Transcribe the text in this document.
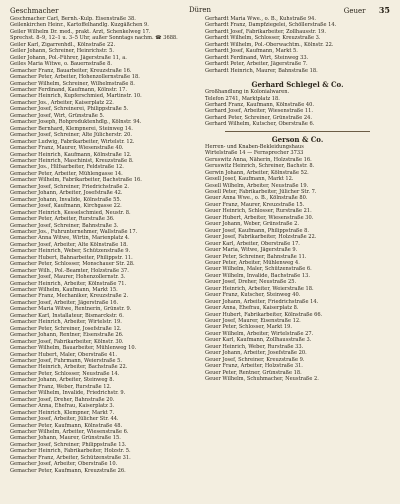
Geschmacher	Geuer 35
Düren
Geschmacher Carl, Bernh.-Kulp. Eisenstraße 38.
Geilenkirchen Heinr., Kartoffelhandlg. Kuzgäßchen 9.
Geiler Wilhelm Dr. med., prakt. Arzt, Schenkelweg 17.
Sprechst. 8–9, 12–1 u. 3–5 Uhr, außer Sonntags nachm. ☎ 3688.
Geiler Karl, Zigarrenhdl., Kölnstraße 22.
Geiler Johann, Schreiner, Heinrichstr. 5.
Geiler Johann, Pol.-Führer, Jägerstraße 11, a.
Geiles Maria Witwe, o. Bauernstraße 8.
Gemacher Franz, Bauarbeiter, Kreuzstraße 16.
Gemacher Peter, Arbeiter, Hohenzollernstraße 18.
Gemacher Wilhelm, Schreiner, Wilhelmstraße 8.
Gemacher Ferdinand, Kaufmann, Kölnstr. 17.
Gemacher Heinrich, Kupferschmied, Martinstr. 10.
Gemacher Jos., Arbeiter, Kaiserplatz 22.
Gemacher Josef, Schreinerei, Philippstraße 5.
Gemacher Josef, Wirt, Grünstraße 5.
Gemacher Joseph, Rohproduktenhdlg., Kölnstr. 94.
Gemacher Bernhard, Klempnerei, Steinweg 14.
Gemacher Josef, Schreiner, Alte Jülicherstr. 20.
Gemacher Ludwig, Fabrikarbeiter, Wirtelstr. 12.
Gemacher Franz, Maurer, Wiesenstraße 40.
Gemacher Heinrich, Kaufmann, Kölnstraße 12.
Gemacher Heinrich, Maschinist, Kreuzstraße 8.
Gemacher Jos., Hilfsarbeiter, Feldstraße 12.
Gemacher Peter, Arbeiter, Mühlengasse 14.
Gemacher Wilhelm, Fabrikarbeiter, Bachstraße 16.
Gemacher Josef, Schreiner, Friedrichstraße 2.
Gemacher Johann, Arbeiter, Josefstraße 42.
Gemacher Johann, Invalide, Kölnstraße 55.
Gemacher Josef, Kaufmann, Kirchgasse 22.
Gemacher Heinrich, Kesselschmied, Neustr. 8.
Gemacher Peter, Arbeiter, Rurstraße 36.
Gemacher Josef, Schreiner, Bahnstraße 3.
Gemacher Jos., Fuhrunternehmer, Wallstraße 17.
Gemacher Anna Witwe, Wirtin, Marienplatz 4.
Gemacher Josef, Arbeiter, Alte Kölnstraße 18.
Gemacher Heinrich, Weber, Schützenstraße 9.
Gemacher Hubert, Bahnarbeiter, Philippstr. 11.
Gemacher Peter, Schlosser, Monschauer Str. 28.
Gemacher Wilh., Pol.-Beamter, Holzstraße 37.
Gemacher Josef, Maurer, Hohenzollernstr. 3.
Gemacher Heinrich, Arbeiter, Kölnstraße 71.
Gemacher Wilhelm, Kaufmann, Markt 15.
Gemacher Franz, Mechaniker, Kreuzstraße 2.
Gemacher Josef, Arbeiter, Jägerstraße 16.
Gemacher Maria Witwe, Rentnerin, Grünstr. 9.
Gemacher Karl, Installateur, Bismarckstr. 6.
Gemacher Heinrich, Arbeiter, Wirtelstr. 19.
Gemacher Peter, Schreiner, Josefstraße 12.
Gemacher Johann, Rentner, Eisenstraße 26.
Gemacher Josef, Fabrikarbeiter, Kölnstr. 30.
Gemacher Wilhelm, Bauarbeiter, Mühlenweg 10.
Gemacher Hubert, Maler, Oberstraße 41.
Gemacher Josef, Fuhrmann, Weierstraße 5.
Gemacher Heinrich, Arbeiter, Bachstraße 22.
Gemacher Peter, Schlosser, Neustraße 14.
Gemacher Johann, Arbeiter, Steinweg 8.
Gemacher Franz, Weber, Rurstraße 12.
Gemacher Wilhelm, Invalide, Friedrichstr. 9.
Gemacher Josef, Dreher, Bahnstraße 20.
Gemacher Anna, Ehefrau, Kaiserplatz 3.
Gemacher Heinrich, Klempner, Markt 7.
Gemacher Josef, Arbeiter, Jülicher Str. 44.
Gemacher Peter, Kaufmann, Kölnstraße 48.
Gemacher Wilhelm, Arbeiter, Wiesenstraße 6.
Gemacher Johann, Maurer, Grünstraße 15.
Gemacher Josef, Schreiner, Philippstraße 13.
Gemacher Heinrich, Fabrikarbeiter, Holzstr. 5.
Gemacher Franz, Arbeiter, Schützenstraße 31.
Gemacher Josef, Arbeiter, Oberstraße 10.
Gemacher Peter, Kaufmann, Kreuzstraße 26.
Gerhardt Maria Wwe., o. B., Kuhstraße 94.
Gerhardt Franz, Dampfziegelei, Schöllerstraße 14.
Gerhardt Josef, Fabrikarbeiter, Zollhausstr. 19.
Gerhardt Wilhelm, Schlosser, Kreuzstraße 3.
Gerhardt Wilhelm, Pol.-Oberwachtm., Kölnstr. 22.
Gerhardt Josef, Kaufmann, Markt 5.
Gerhardt Ferdinand, Wirt, Steinweg 33.
Gerhardt Peter, Arbeiter, Jägerstraße 7.
Gerhardt Heinrich, Maurer, Bahnstraße 18.
Gerhard Schlegel & Co.
Großhandlung in Kolonialwaren.
Telefon 2741, Marktplatz 18.
Gerhard Franz, Kaufmann, Kölnstraße 40.
Gerhard Josef, Arbeiter, Wiesenstraße 11.
Gerhard Peter, Schreiner, Grünstraße 24.
Gerhard Wilhelm, Kutscher, Oberstraße 6.
Gerson & Co.
Herren- und Knaben-Bekleidungshaus
Wirtelstraße 14 — Fernsprecher 3733
Geruswitz Anna, Näherin, Holzstraße 16.
Geruswitz Heinrich, Schreiner, Bachstr. 8.
Gerwin Johann, Arbeiter, Kölnstraße 52.
Gesell Josef, Kaufmann, Markt 12.
Gesell Wilhelm, Arbeiter, Neustraße 19.
Gesell Peter, Fabrikarbeiter, Jülicher Str. 7.
Geuer Anna Wwe., o. B., Kölnstraße 80.
Geuer Franz, Maurer, Kreuzstraße 15.
Geuer Heinrich, Schlosser, Rurstraße 21.
Geuer Hubert, Arbeiter, Wiesenstraße 30.
Geuer Johann, Weber, Grünstraße 2.
Geuer Josef, Kaufmann, Philippstraße 8.
Geuer Josef, Fabrikarbeiter, Holzstraße 22.
Geuer Karl, Arbeiter, Oberstraße 17.
Geuer Maria, Witwe, Jägerstraße 9.
Geuer Peter, Schreiner, Bahnstraße 11.
Geuer Peter, Arbeiter, Mühlenweg 4.
Geuer Wilhelm, Maler, Schützenstraße 6.
Geuer Wilhelm, Invalide, Bachstraße 13.
Geuer Josef, Dreher, Neustraße 25.
Geuer Heinrich, Arbeiter, Weierstraße 18.
Geuer Franz, Kutscher, Steinweg 40.
Geuer Johann, Arbeiter, Friedrichstraße 14.
Geuer Anna, Ehefrau, Kaiserplatz 8.
Geuer Hubert, Fabrikarbeiter, Kölnstraße 66.
Geuer Josef, Maurer, Eisenstraße 12.
Geuer Peter, Schlosser, Markt 19.
Geuer Wilhelm, Arbeiter, Wirtelstraße 27.
Geuer Karl, Kaufmann, Zollhausstraße 3.
Geuer Heinrich, Weber, Rurstraße 33.
Geuer Johann, Arbeiter, Josefstraße 20.
Geuer Josef, Schreiner, Kreuzstraße 9.
Geuer Franz, Arbeiter, Holzstraße 31.
Geuer Peter, Rentner, Grünstraße 18.
Geuer Wilhelm, Schuhmacher, Neustraße 2.
